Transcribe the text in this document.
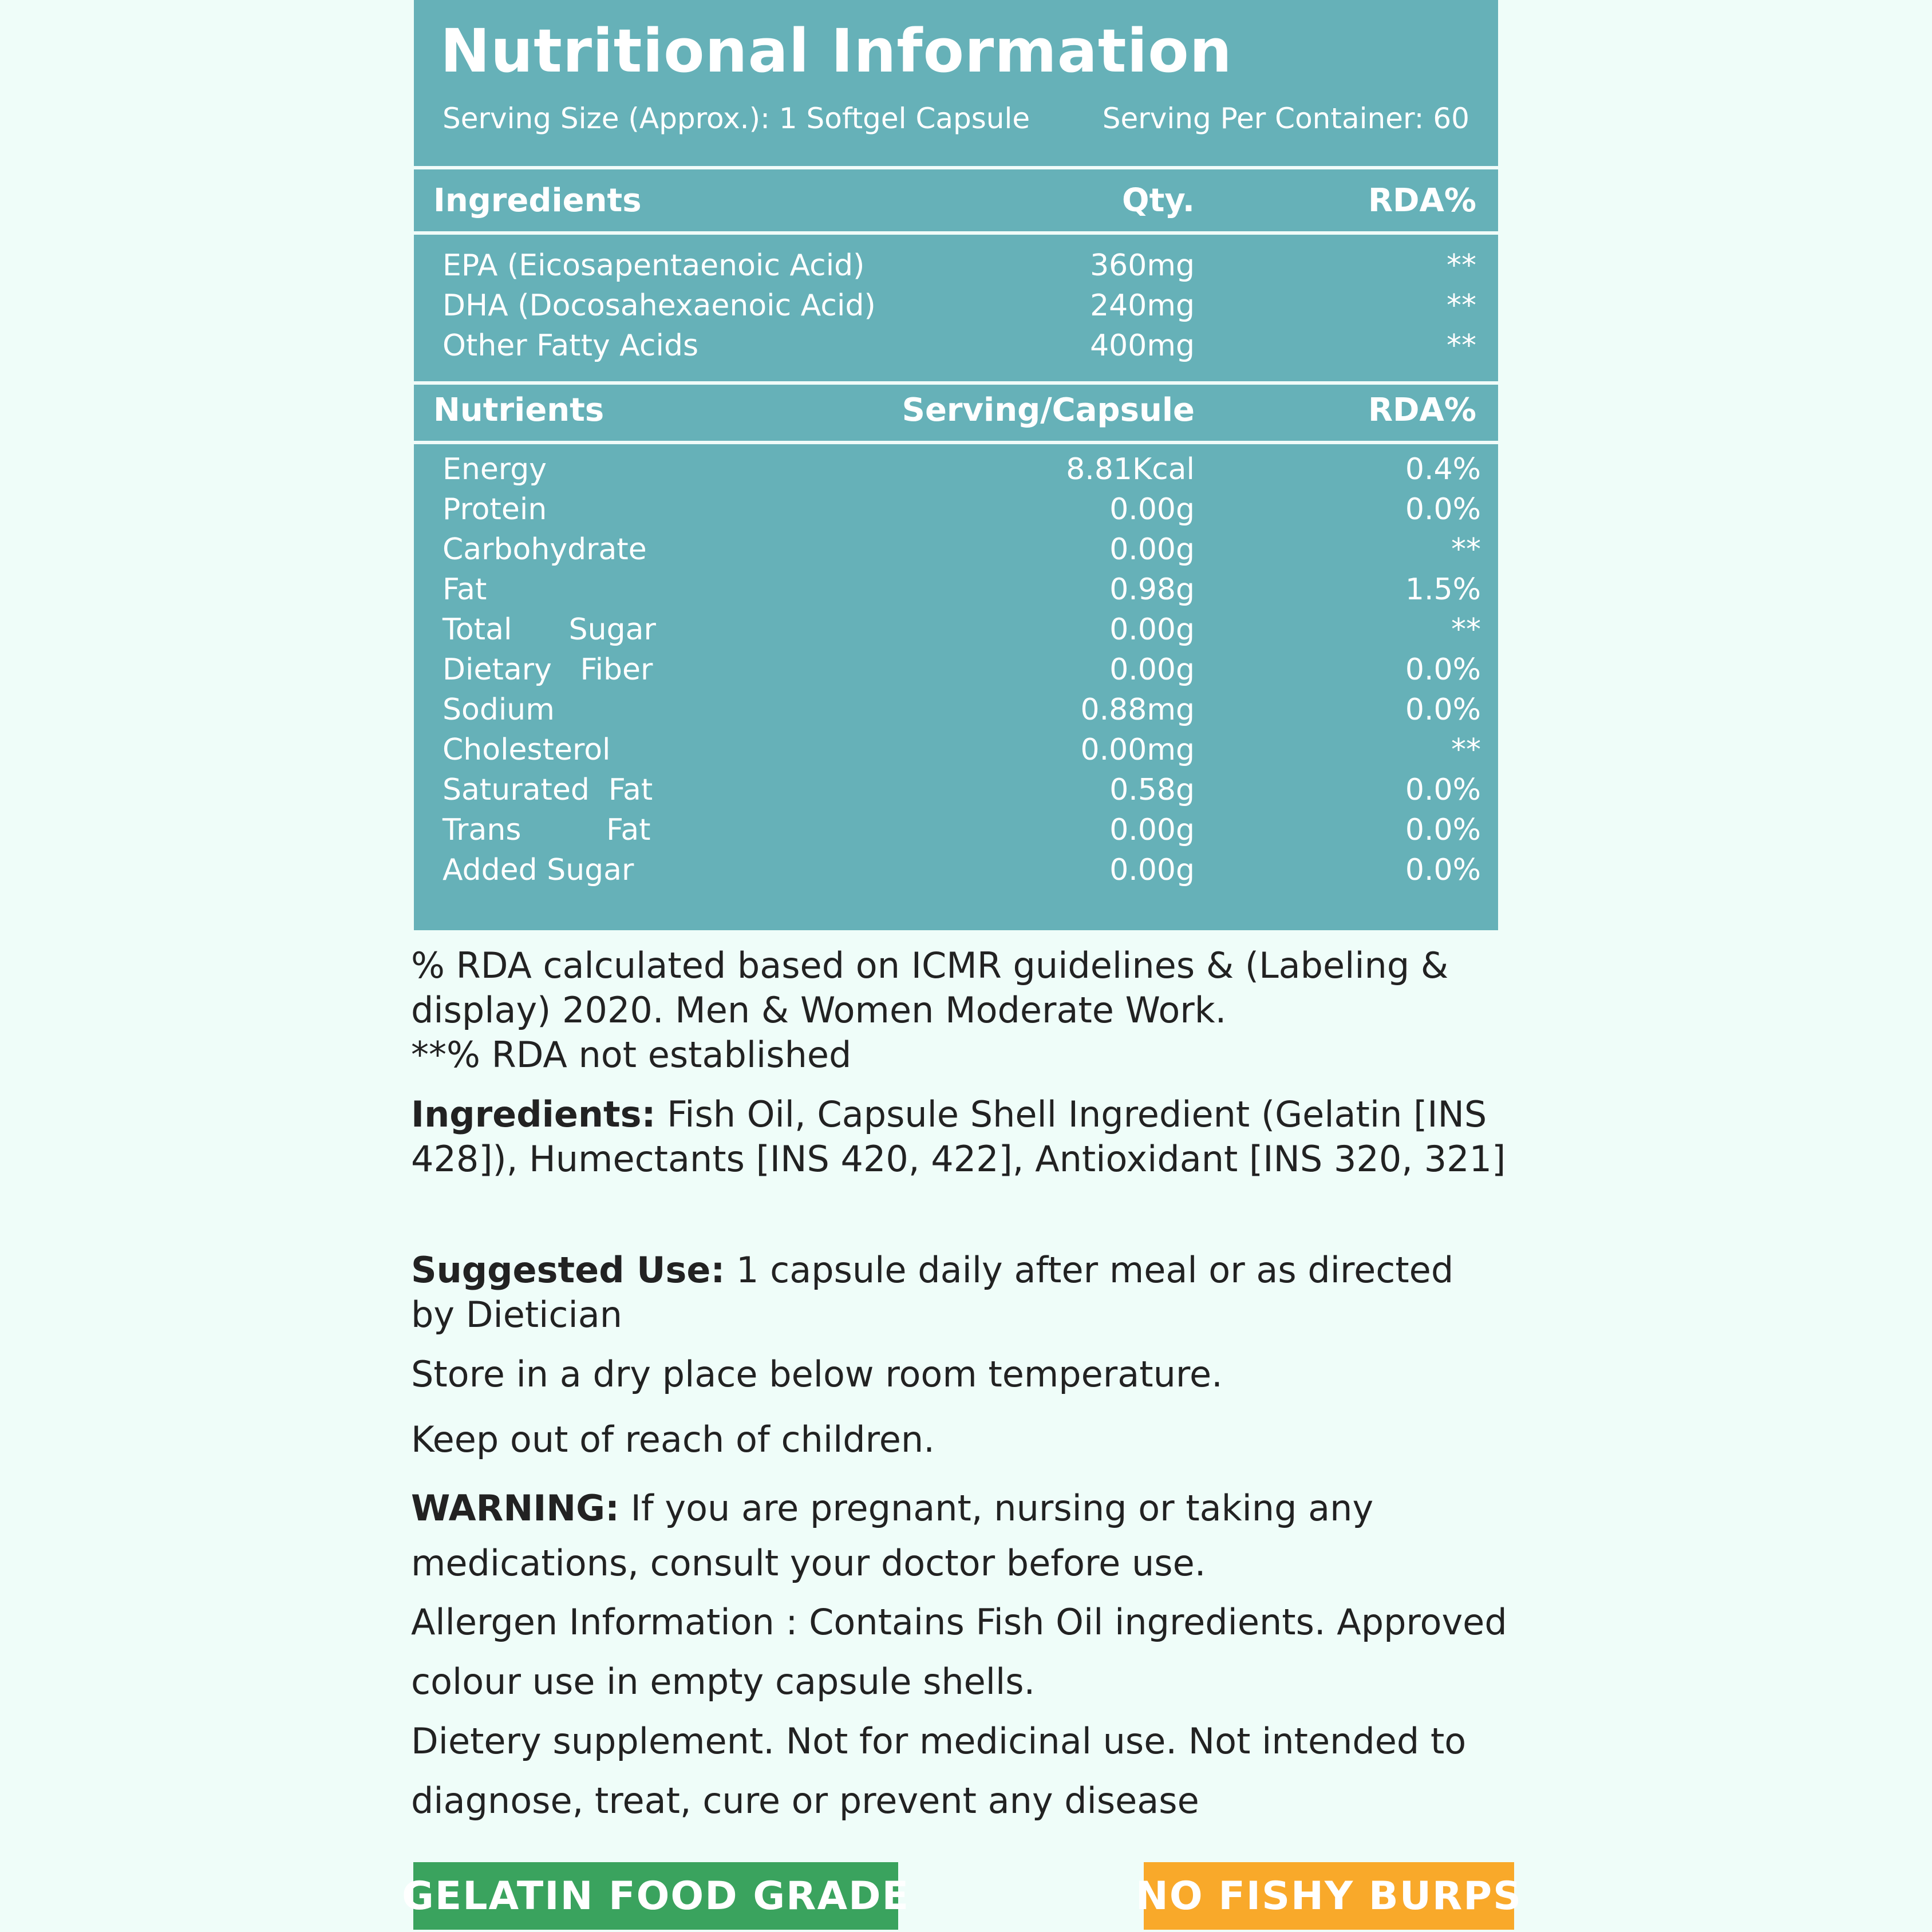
Nutritional Information
Serving Size (Approx.): 1 Softgel Capsule	Serving Per Container: 60
Ingredients	Qty.	RDA%
EPA (Eicosapentaenoic Acid)	360mg	**
DHA (Docosahexaenoic Acid)	240mg	**
Other Fatty Acids	400mg	**
Nutrients	Serving/Capsule	RDA%
Energy	8.81Kcal	0.4%
Protein	0.00g	0.0%
Carbohydrate	0.00g	**
Fat	0.98g	1.5%
Total      Sugar	0.00g	**
Dietary   Fiber	0.00g	0.0%
Sodium	0.88mg	0.0%
Cholesterol	0.00mg	**
Saturated  Fat	0.58g	0.0%
Trans         Fat	0.00g	0.0%
Added Sugar	0.00g	0.0%
% RDA calculated based on ICMR guidelines & (Labeling & display) 2020. Men & Women Moderate Work.
**% RDA not established
Ingredients: Fish Oil, Capsule Shell Ingredient (Gelatin [INS 428]), Humectants [INS 420, 422], Antioxidant [INS 320, 321]
Suggested Use: 1 capsule daily after meal or as directed by Dietician
Store in a dry place below room temperature.
Keep out of reach of children.
WARNING: If you are pregnant, nursing or taking any medications, consult your doctor before use.
Allergen Information : Contains Fish Oil ingredients. Approved colour use in empty capsule shells.
Dietery supplement. Not for medicinal use. Not intended to diagnose, treat, cure or prevent any disease
GELATIN FOOD GRADE	NO FISHY BURPS
